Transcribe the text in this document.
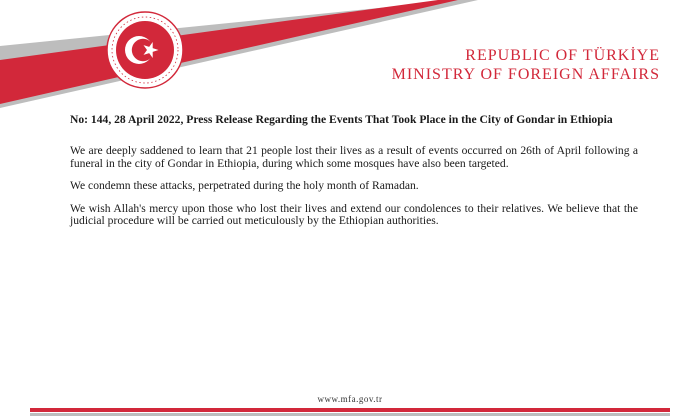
REPUBLIC OF TÜRKİYE
MINISTRY OF FOREIGN AFFAIRS
No: 144, 28 April 2022, Press Release Regarding the Events That Took Place in the City of Gondar in Ethiopia

We are deeply saddened to learn that 21 people lost their lives as a result of events occurred on 26th of April following a funeral in the city of Gondar in Ethiopia, during which some mosques have also been targeted.

We condemn these attacks, perpetrated during the holy month of Ramadan.

We wish Allah's mercy upon those who lost their lives and extend our condolences to their relatives. We believe that the judicial procedure will be carried out meticulously by the Ethiopian authorities.

www.mfa.gov.tr
